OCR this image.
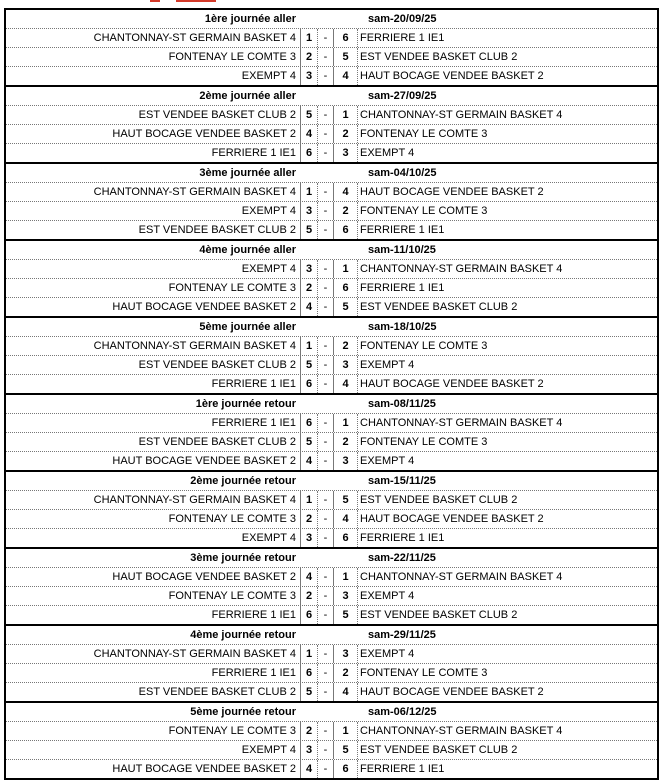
1ère journée aller	sam-20/09/25
CHANTONNAY-ST GERMAIN BASKET 4 1	-	6	FERRIERE 1 IE1
FONTENAY LE COMTE 3 2	-	5	EST VENDEE BASKET CLUB 2
EXEMPT 4 3	-	4	HAUT BOCAGE VENDEE BASKET 2
2ème journée aller	sam-27/09/25
EST VENDEE BASKET CLUB 2 5	-	1	CHANTONNAY-ST GERMAIN BASKET 4
HAUT BOCAGE VENDEE BASKET 2 4	-	2	FONTENAY LE COMTE 3
FERRIERE 1 IE1 6	-	3	EXEMPT 4
3ème journée aller	sam-04/10/25
CHANTONNAY-ST GERMAIN BASKET 4 1	-	4	HAUT BOCAGE VENDEE BASKET 2
EXEMPT 4 3	-	2	FONTENAY LE COMTE 3
EST VENDEE BASKET CLUB 2 5	-	6	FERRIERE 1 IE1
4ème journée aller	sam-11/10/25
EXEMPT 4 3	-	1	CHANTONNAY-ST GERMAIN BASKET 4
FONTENAY LE COMTE 3 2	-	6	FERRIERE 1 IE1
HAUT BOCAGE VENDEE BASKET 2 4	-	5	EST VENDEE BASKET CLUB 2
5ème journée aller	sam-18/10/25
CHANTONNAY-ST GERMAIN BASKET 4 1	-	2	FONTENAY LE COMTE 3
EST VENDEE BASKET CLUB 2 5	-	3	EXEMPT 4
FERRIERE 1 IE1 6	-	4	HAUT BOCAGE VENDEE BASKET 2
1ère journée retour	sam-08/11/25
FERRIERE 1 IE1 6	-	1	CHANTONNAY-ST GERMAIN BASKET 4
EST VENDEE BASKET CLUB 2 5	-	2	FONTENAY LE COMTE 3
HAUT BOCAGE VENDEE BASKET 2 4	-	3	EXEMPT 4
2ème journée retour	sam-15/11/25
CHANTONNAY-ST GERMAIN BASKET 4 1	-	5	EST VENDEE BASKET CLUB 2
FONTENAY LE COMTE 3 2	-	4	HAUT BOCAGE VENDEE BASKET 2
EXEMPT 4 3	-	6	FERRIERE 1 IE1
3ème journée retour	sam-22/11/25
HAUT BOCAGE VENDEE BASKET 2 4	-	1	CHANTONNAY-ST GERMAIN BASKET 4
FONTENAY LE COMTE 3 2	-	3	EXEMPT 4
FERRIERE 1 IE1 6	-	5	EST VENDEE BASKET CLUB 2
4ème journée retour	sam-29/11/25
CHANTONNAY-ST GERMAIN BASKET 4 1	-	3	EXEMPT 4
FERRIERE 1 IE1 6	-	2	FONTENAY LE COMTE 3
EST VENDEE BASKET CLUB 2 5	-	4	HAUT BOCAGE VENDEE BASKET 2
5ème journée retour	sam-06/12/25
FONTENAY LE COMTE 3 2	-	1	CHANTONNAY-ST GERMAIN BASKET 4
EXEMPT 4 3	-	5	EST VENDEE BASKET CLUB 2
HAUT BOCAGE VENDEE BASKET 2 4	-	6	FERRIERE 1 IE1
